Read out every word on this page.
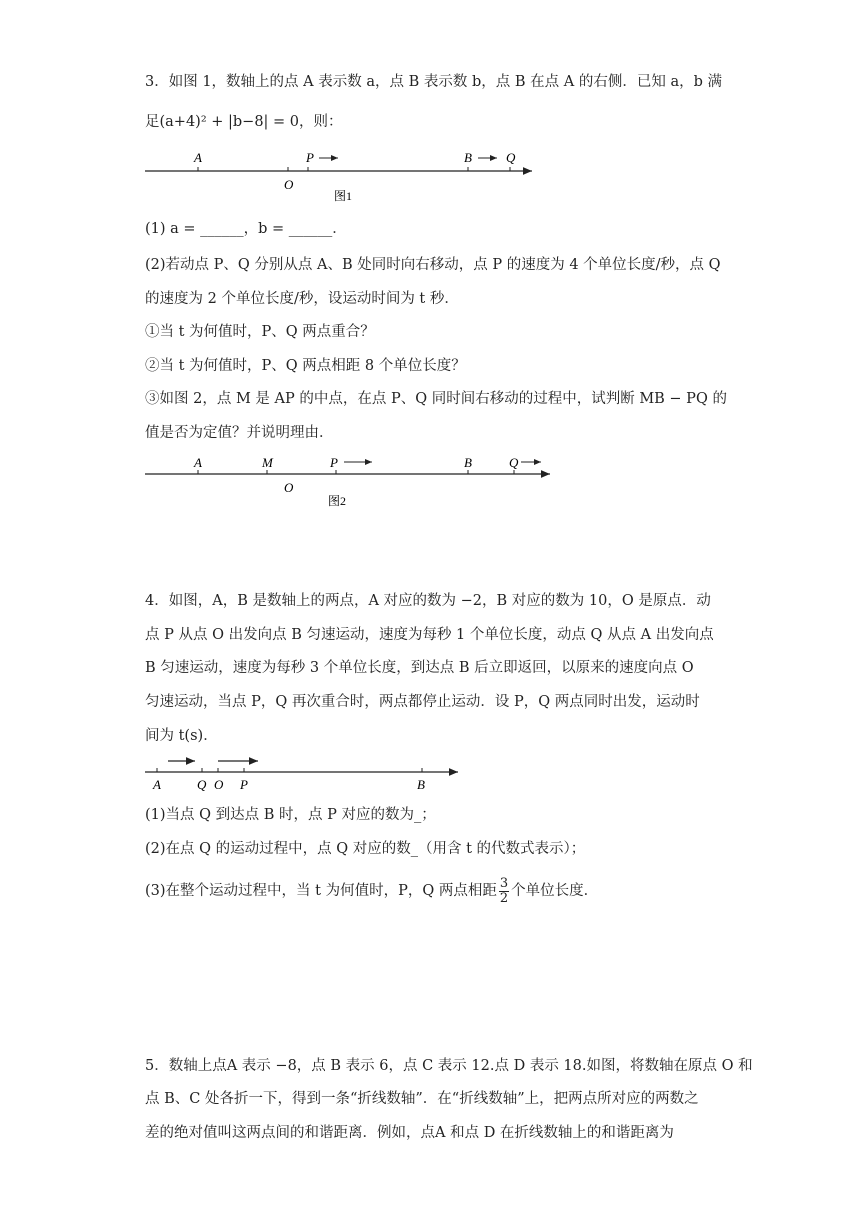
3．如图 1，数轴上的点 A 表示数 a，点 B 表示数 b，点 B 在点 A 的右侧．已知 a，b 满
足(a+4)² + |b−8| = 0，则：
A	P	B	Q
O
图1
(1) a = ______，b = ______．
(2)若动点 P、Q 分别从点 A、B 处同时向右移动，点 P 的速度为 4 个单位长度/秒，点 Q
的速度为 2 个单位长度/秒，设运动时间为 t 秒．
①当 t 为何值时，P、Q 两点重合？
②当 t 为何值时，P、Q 两点相距 8 个单位长度？
③如图 2，点 M 是 AP 的中点，在点 P、Q 同时间右移动的过程中，试判断 MB − PQ 的
值是否为定值？并说明理由．
A	M	P	B	Q
O
图2
4．如图，A，B 是数轴上的两点，A 对应的数为 −2，B 对应的数为 10，O 是原点．动
点 P 从点 O 出发向点 B 匀速运动，速度为每秒 1 个单位长度，动点 Q 从点 A 出发向点
B 匀速运动，速度为每秒 3 个单位长度，到达点 B 后立即返回，以原来的速度向点 O
匀速运动，当点 P，Q 再次重合时，两点都停止运动．设 P，Q 两点同时出发，运动时
间为 t(s)．
A	Q O P	B
(1)当点 Q 到达点 B 时，点 P 对应的数为_；
(2)在点 Q 的运动过程中，点 Q 对应的数_（用含 t 的代数式表示）；
(3)在整个运动过程中，当 t 为何值时，P，Q 两点相距 $\frac{3}{2}$ 个单位长度．
5．数轴上点A 表示 −8，点 B 表示 6，点 C 表示 12.点 D 表示 18.如图，将数轴在原点 O 和
点 B、C 处各折一下，得到一条“折线数轴”．在“折线数轴”上，把两点所对应的两数之
差的绝对值叫这两点间的和谐距离．例如，点A 和点 D 在折线数轴上的和谐距离为
